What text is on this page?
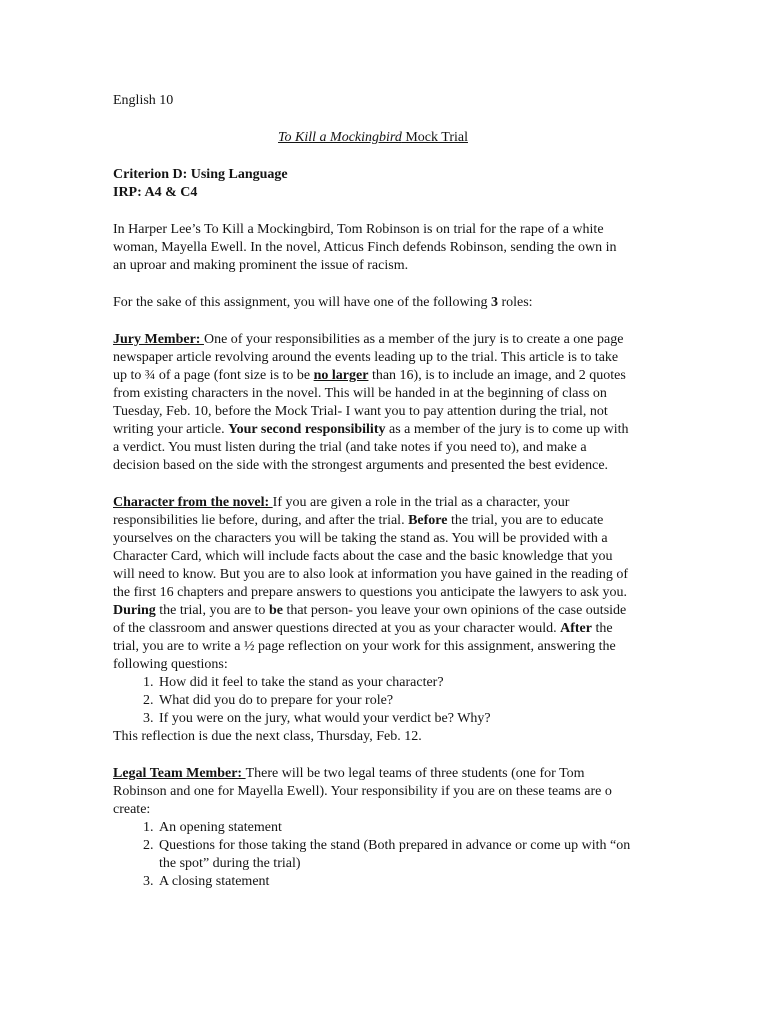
English 10

To Kill a Mockingbird Mock Trial

Criterion D: Using Language
IRP: A4 & C4

In Harper Lee’s To Kill a Mockingbird, Tom Robinson is on trial for the rape of a white woman, Mayella Ewell. In the novel, Atticus Finch defends Robinson, sending the own in an uproar and making prominent the issue of racism.

For the sake of this assignment, you will have one of the following 3 roles:

Jury Member: One of your responsibilities as a member of the jury is to create a one page newspaper article revolving around the events leading up to the trial. This article is to take up to ¾ of a page (font size is to be no larger than 16), is to include an image, and 2 quotes from existing characters in the novel. This will be handed in at the beginning of class on Tuesday, Feb. 10, before the Mock Trial- I want you to pay attention during the trial, not writing your article. Your second responsibility as a member of the jury is to come up with a verdict. You must listen during the trial (and take notes if you need to), and make a decision based on the side with the strongest arguments and presented the best evidence.

Character from the novel: If you are given a role in the trial as a character, your responsibilities lie before, during, and after the trial. Before the trial, you are to educate yourselves on the characters you will be taking the stand as. You will be provided with a Character Card, which will include facts about the case and the basic knowledge that you will need to know. But you are to also look at information you have gained in the reading of the first 16 chapters and prepare answers to questions you anticipate the lawyers to ask you. During the trial, you are to be that person- you leave your own opinions of the case outside of the classroom and answer questions directed at you as your character would. After the trial, you are to write a ½ page reflection on your work for this assignment, answering the following questions:

1. How did it feel to take the stand as your character?
2. What did you do to prepare for your role?
3. If you were on the jury, what would your verdict be? Why?

This reflection is due the next class, Thursday, Feb. 12.

Legal Team Member: There will be two legal teams of three students (one for Tom Robinson and one for Mayella Ewell). Your responsibility if you are on these teams are o create:

1. An opening statement
2. Questions for those taking the stand (Both prepared in advance or come up with “on the spot” during the trial)
3. A closing statement
